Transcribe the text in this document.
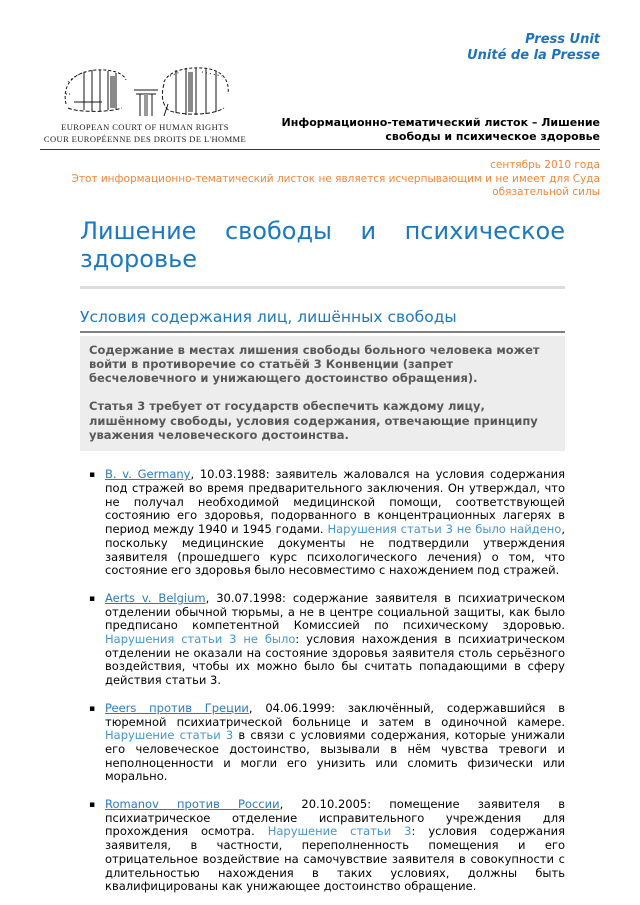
Press Unit
Unité de la Presse
EUROPEAN COURT OF HUMAN RIGHTS
COUR EUROPÉENNE DES DROITS DE L'HOMME
Информационно-тематический листок – Лишение свободы и психическое здоровье
сентябрь 2010 года
Этот информационно-тематический листок не является исчерпывающим и не имеет для Суда обязательной силы
Лишение свободы и психическое здоровье
Условия содержания лиц, лишённых свободы

Содержание в местах лишения свободы больного человека может войти в противоречие со статьёй 3 Конвенции (запрет бесчеловечного и унижающего достоинство обращения).

Статья 3 требует от государств обеспечить каждому лицу, лишённому свободы, условия содержания, отвечающие принципу уважения человеческого достоинства.

▪ B. v. Germany, 10.03.1988: заявитель жаловался на условия содержания под стражей во время предварительного заключения. Он утверждал, что не получал необходимой медицинской помощи, соответствующей состоянию его здоровья, подорванного в концентрационных лагерях в период между 1940 и 1945 годами. Нарушения статьи 3 не было найдено, поскольку медицинские документы не подтвердили утверждения заявителя (прошедшего курс психологического лечения) о том, что состояние его здоровья было несовместимо с нахождением под стражей.
▪ Aerts v. Belgium, 30.07.1998: содержание заявителя в психиатрическом отделении обычной тюрьмы, а не в центре социальной защиты, как было предписано компетентной Комиссией по психическому здоровью. Нарушения статьи 3 не было: условия нахождения в психиатрическом отделении не оказали на состояние здоровья заявителя столь серьёзного воздействия, чтобы их можно было бы считать попадающими в сферу действия статьи 3.
▪ Peers против Греции, 04.06.1999: заключённый, содержавшийся в тюремной психиатрической больнице и затем в одиночной камере. Нарушение статьи 3 в связи с условиями содержания, которые унижали его человеческое достоинство, вызывали в нём чувства тревоги и неполноценности и могли его унизить или сломить физически или морально.
▪ Romanov против России, 20.10.2005: помещение заявителя в психиатрическое отделение исправительного учреждения для прохождения осмотра. Нарушение статьи 3: условия содержания заявителя, в частности, переполненность помещения и его отрицательное воздействие на самочувствие заявителя в совокупности с длительностью нахождения в таких условиях, должны быть квалифицированы как унижающее достоинство обращение.
